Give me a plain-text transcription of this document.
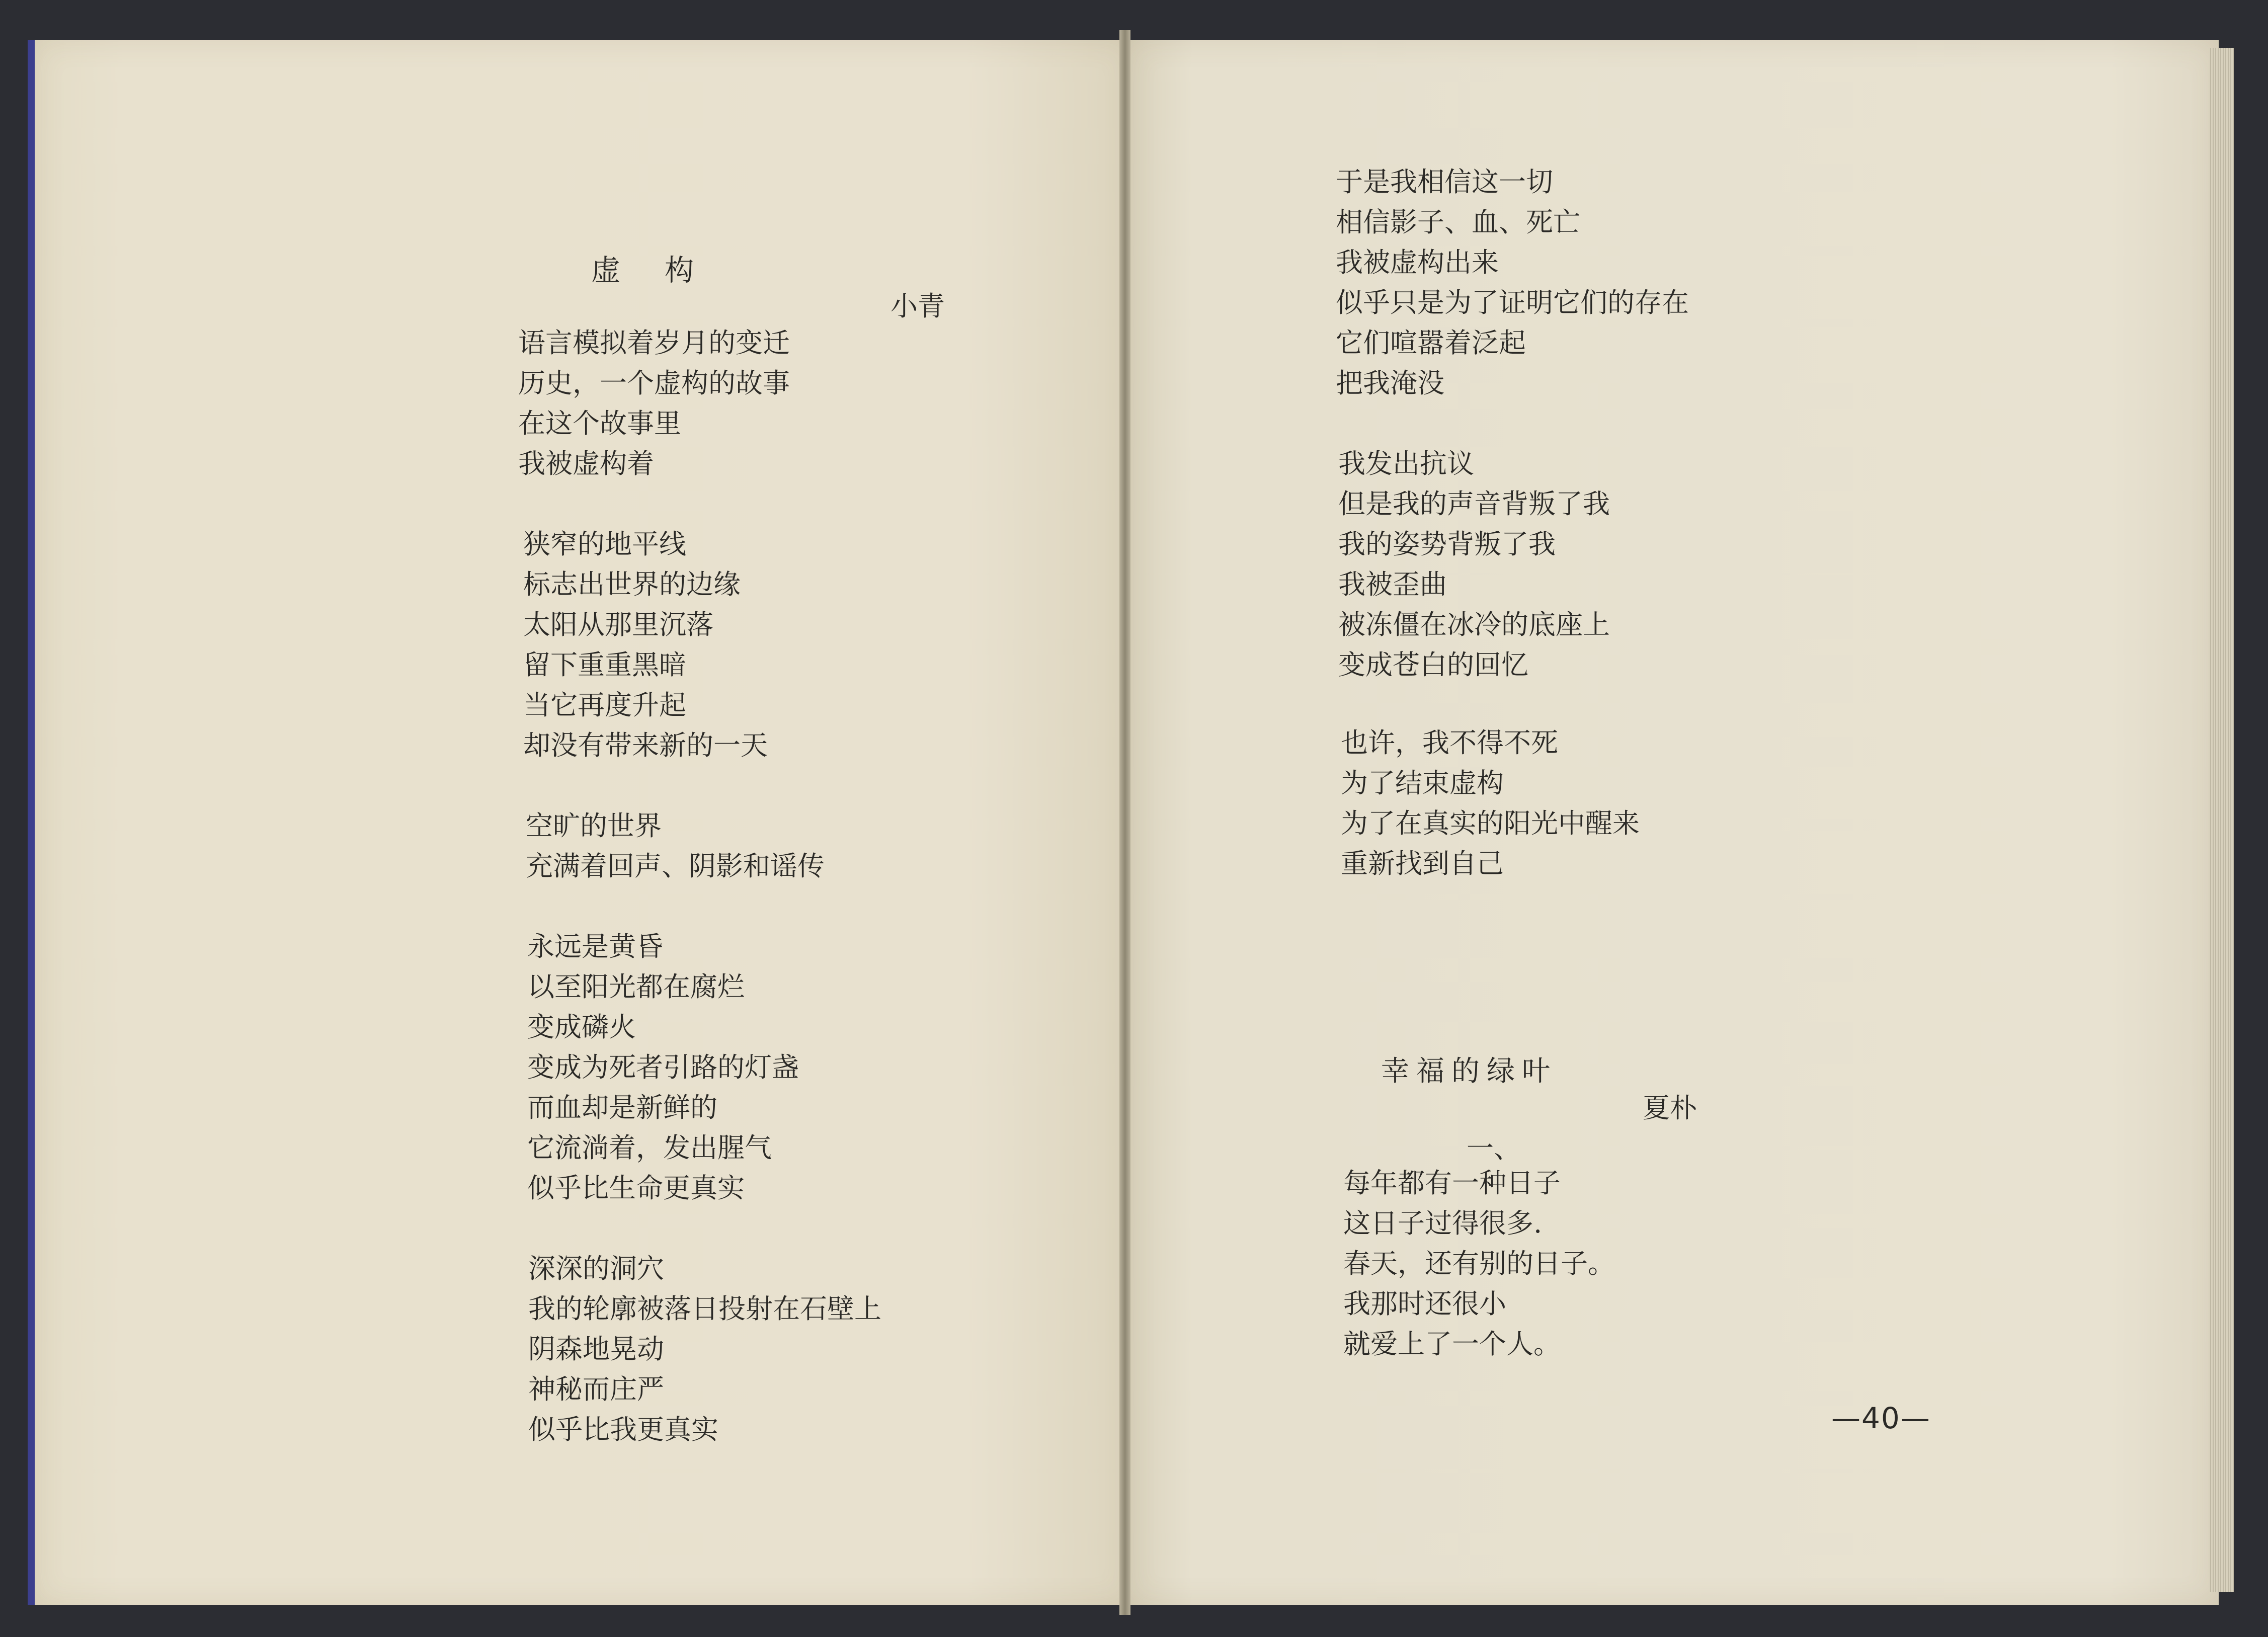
虚 构
小青
语言模拟着岁月的变迁
历史，一个虚构的故事
在这个故事里
我被虚构着
狭窄的地平线
标志出世界的边缘
太阳从那里沉落
留下重重黑暗
当它再度升起
却没有带来新的一天
空旷的世界
充满着回声、阴影和谣传
永远是黄昏
以至阳光都在腐烂
变成磷火
变成为死者引路的灯盏
而血却是新鲜的
它流淌着，发出腥气
似乎比生命更真实
深深的洞穴
我的轮廓被落日投射在石壁上
阴森地晃动
神秘而庄严
似乎比我更真实
于是我相信这一切
相信影子、血、死亡
我被虚构出来
似乎只是为了证明它们的存在
它们喧嚣着泛起
把我淹没
我发出抗议
但是我的声音背叛了我
我的姿势背叛了我
我被歪曲
被冻僵在冰冷的底座上
变成苍白的回忆
也许，我不得不死
为了结束虚构
为了在真实的阳光中醒来
重新找到自己
幸福的绿叶
夏朴
一、
每年都有一种日子
这日子过得很多.
春天，还有别的日子。
我那时还很小
就爱上了一个人。
—40—
